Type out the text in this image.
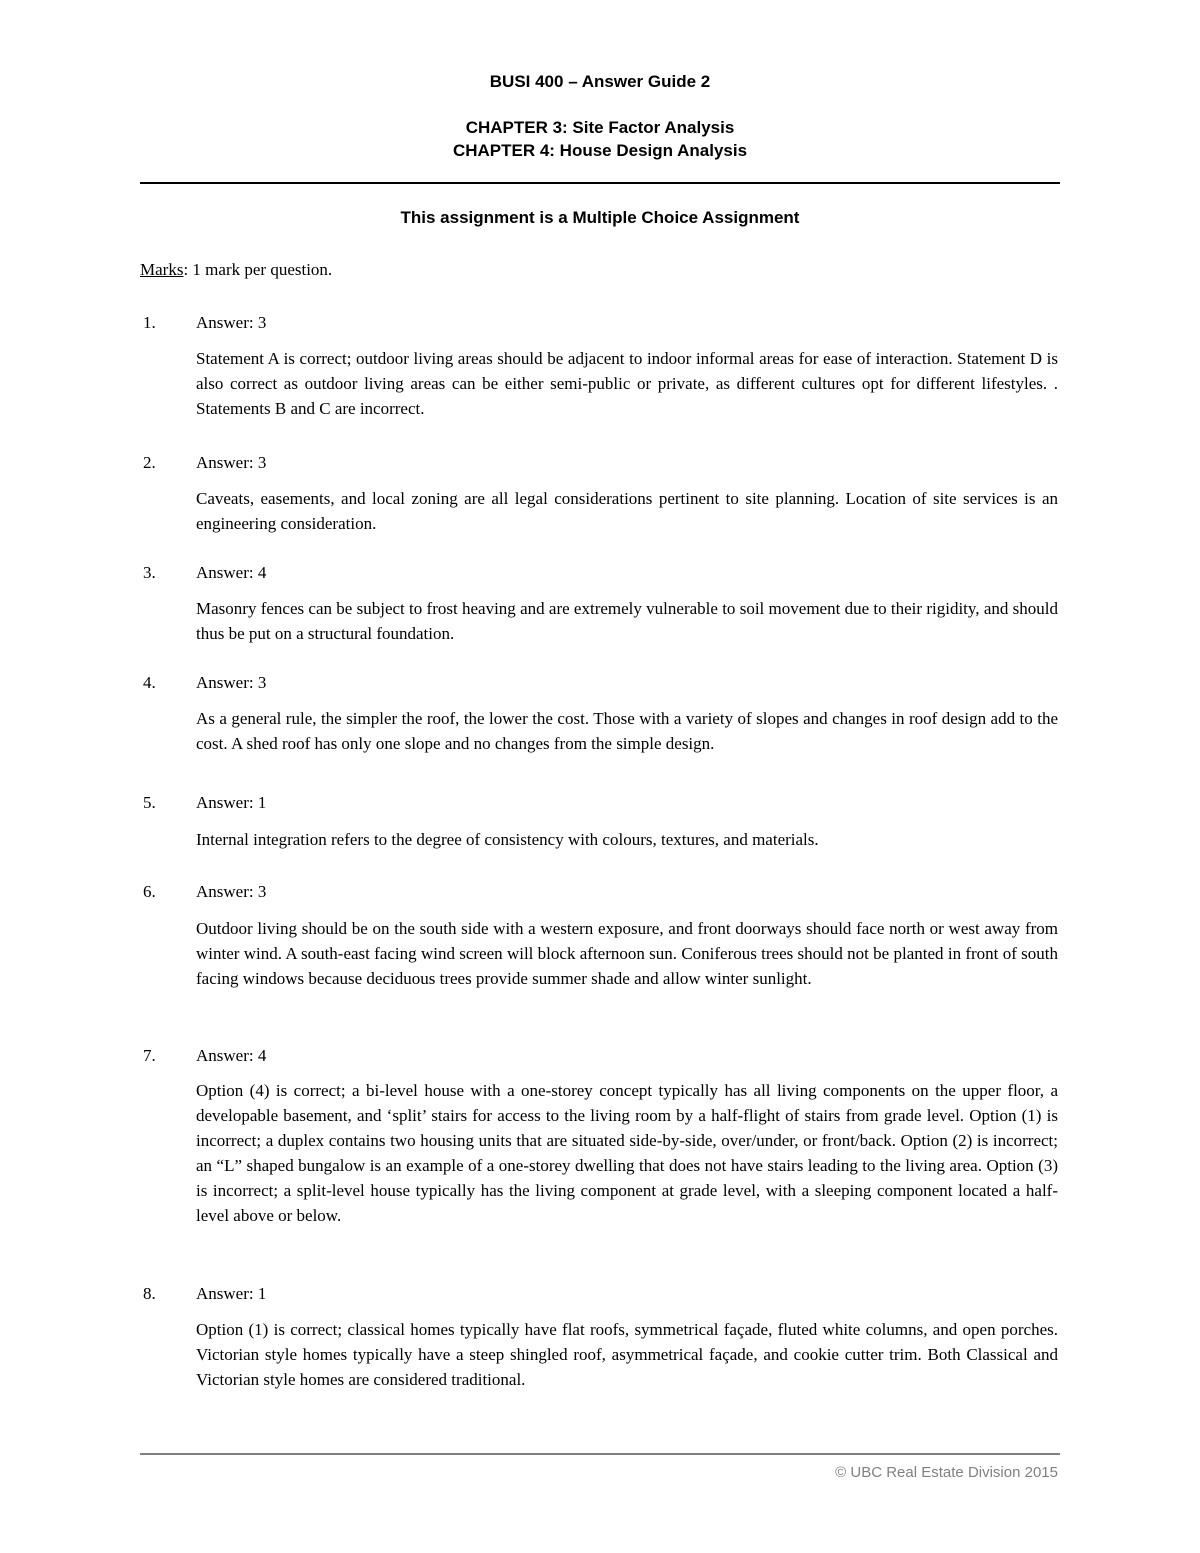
BUSI 400 – Answer Guide 2
CHAPTER 3: Site Factor Analysis
CHAPTER 4: House Design Analysis
This assignment is a Multiple Choice Assignment
Marks: 1 mark per question.
1. Answer: 3

Statement A is correct; outdoor living areas should be adjacent to indoor informal areas for ease of interaction. Statement D is also correct as outdoor living areas can be either semi-public or private, as different cultures opt for different lifestyles. . Statements B and C are incorrect.

2. Answer: 3

Caveats, easements, and local zoning are all legal considerations pertinent to site planning. Location of site services is an engineering consideration.

3. Answer: 4

Masonry fences can be subject to frost heaving and are extremely vulnerable to soil movement due to their rigidity, and should thus be put on a structural foundation.

4. Answer: 3

As a general rule, the simpler the roof, the lower the cost. Those with a variety of slopes and changes in roof design add to the cost. A shed roof has only one slope and no changes from the simple design.

5. Answer: 1

Internal integration refers to the degree of consistency with colours, textures, and materials.

6. Answer: 3

Outdoor living should be on the south side with a western exposure, and front doorways should face north or west away from winter wind. A south-east facing wind screen will block afternoon sun. Coniferous trees should not be planted in front of south facing windows because deciduous trees provide summer shade and allow winter sunlight.

7. Answer: 4

Option (4) is correct; a bi-level house with a one-storey concept typically has all living components on the upper floor, a developable basement, and ‘split’ stairs for access to the living room by a half-flight of stairs from grade level. Option (1) is incorrect; a duplex contains two housing units that are situated side-by-side, over/under, or front/back. Option (2) is incorrect; an “L” shaped bungalow is an example of a one-storey dwelling that does not have stairs leading to the living area. Option (3) is incorrect; a split-level house typically has the living component at grade level, with a sleeping component located a half-level above or below.

8. Answer: 1

Option (1) is correct; classical homes typically have flat roofs, symmetrical façade, fluted white columns, and open porches. Victorian style homes typically have a steep shingled roof, asymmetrical façade, and cookie cutter trim. Both Classical and Victorian style homes are considered traditional.

© UBC Real Estate Division 2015
